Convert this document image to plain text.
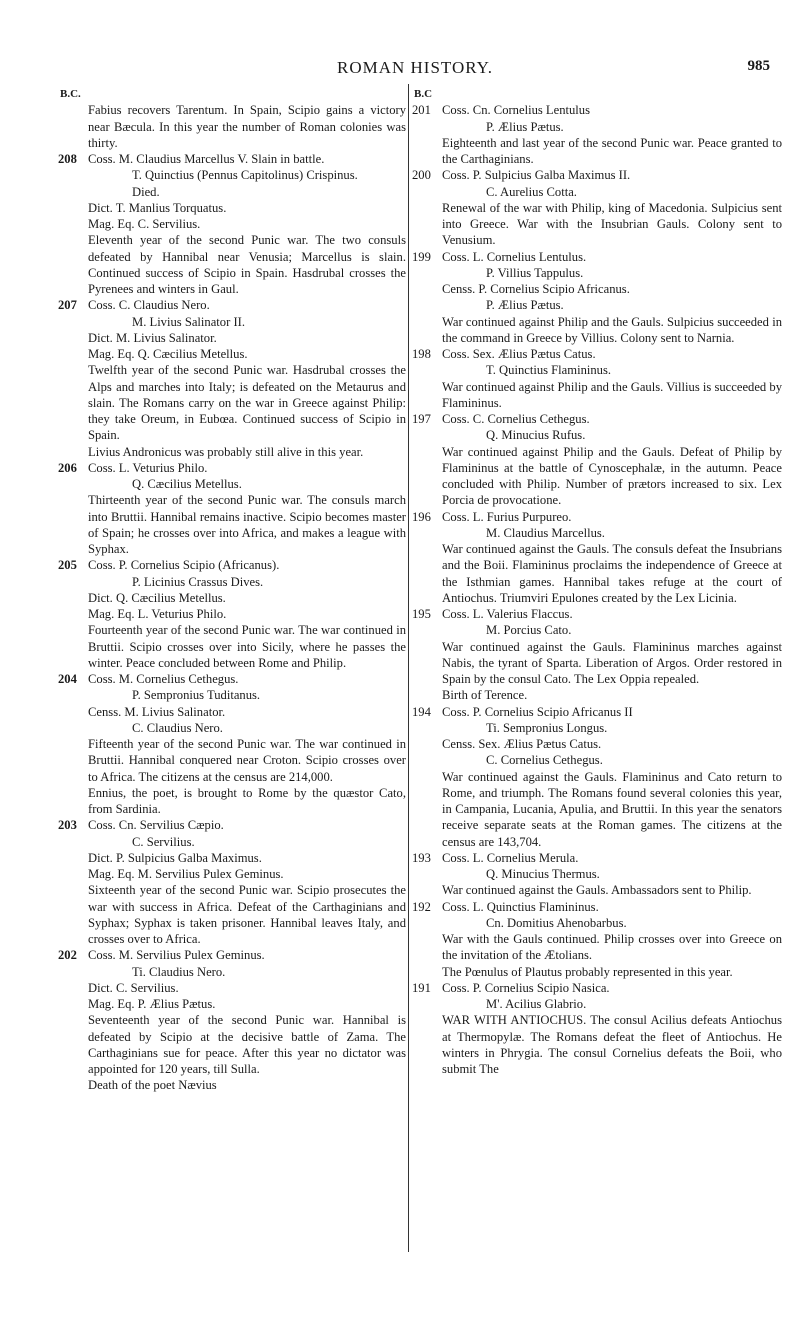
ROMAN HISTORY.	985
B.C.
Fabius recovers Tarentum. In Spain, Scipio gains a victory near Bæcula. In this year the number of Roman colonies was thirty.
208 Coss. M. Claudius Marcellus V. Slain in battle.
T. Quinctius (Pennus Capitolinus) Crispinus.
Died.
Dict. T. Manlius Torquatus.
Mag. Eq. C. Servilius.
Eleventh year of the second Punic war. The two consuls defeated by Hannibal near Venusia; Marcellus is slain. Continued success of Scipio in Spain. Hasdrubal crosses the Pyrenees and winters in Gaul.
207 Coss. C. Claudius Nero.
M. Livius Salinator II.
Dict. M. Livius Salinator.
Mag. Eq. Q. Cæcilius Metellus.
Twelfth year of the second Punic war. Hasdrubal crosses the Alps and marches into Italy; is defeated on the Metaurus and slain. The Romans carry on the war in Greece against Philip: they take Oreum, in Eubœa. Continued success of Scipio in Spain.
Livius Andronicus was probably still alive in this year.
206 Coss. L. Veturius Philo.
Q. Cæcilius Metellus.
Thirteenth year of the second Punic war. The consuls march into Bruttii. Hannibal remains inactive. Scipio becomes master of Spain; he crosses over into Africa, and makes a league with Syphax.
205 Coss. P. Cornelius Scipio (Africanus).
P. Licinius Crassus Dives.
Dict. Q. Cæcilius Metellus.
Mag. Eq. L. Veturius Philo.
Fourteenth year of the second Punic war. The war continued in Bruttii. Scipio crosses over into Sicily, where he passes the winter. Peace concluded between Rome and Philip.
204 Coss. M. Cornelius Cethegus.
P. Sempronius Tuditanus.
Censs. M. Livius Salinator.
C. Claudius Nero.
Fifteenth year of the second Punic war. The war continued in Bruttii. Hannibal conquered near Croton. Scipio crosses over to Africa. The citizens at the census are 214,000.
Ennius, the poet, is brought to Rome by the quæstor Cato, from Sardinia.
203 Coss. Cn. Servilius Cæpio.
C. Servilius.
Dict. P. Sulpicius Galba Maximus.
Mag. Eq. M. Servilius Pulex Geminus.
Sixteenth year of the second Punic war. Scipio prosecutes the war with success in Africa. Defeat of the Carthaginians and Syphax; Syphax is taken prisoner. Hannibal leaves Italy, and crosses over to Africa.
202 Coss. M. Servilius Pulex Geminus.
Ti. Claudius Nero.
Dict. C. Servilius.
Mag. Eq. P. Ælius Pætus.
Seventeenth year of the second Punic war. Hannibal is defeated by Scipio at the decisive battle of Zama. The Carthaginians sue for peace. After this year no dictator was appointed for 120 years, till Sulla.
Death of the poet Nævius
B.C
201 Coss. Cn. Cornelius Lentulus
P. Ælius Pætus.
Eighteenth and last year of the second Punic war. Peace granted to the Carthaginians.
200 Coss. P. Sulpicius Galba Maximus II.
C. Aurelius Cotta.
Renewal of the war with Philip, king of Macedonia. Sulpicius sent into Greece. War with the Insubrian Gauls. Colony sent to Venusium.
199 Coss. L. Cornelius Lentulus.
P. Villius Tappulus.
Censs. P. Cornelius Scipio Africanus.
P. Ælius Pætus.
War continued against Philip and the Gauls. Sulpicius succeeded in the command in Greece by Villius. Colony sent to Narnia.
198 Coss. Sex. Ælius Pætus Catus.
T. Quinctius Flamininus.
War continued against Philip and the Gauls. Villius is succeeded by Flamininus.
197 Coss. C. Cornelius Cethegus.
Q. Minucius Rufus.
War continued against Philip and the Gauls. Defeat of Philip by Flamininus at the battle of Cynoscephalæ, in the autumn. Peace concluded with Philip. Number of prætors increased to six. Lex Porcia de provocatione.
196 Coss. L. Furius Purpureo.
M. Claudius Marcellus.
War continued against the Gauls. The consuls defeat the Insubrians and the Boii. Flamininus proclaims the independence of Greece at the Isthmian games. Hannibal takes refuge at the court of Antiochus. Triumviri Epulones created by the Lex Licinia.
195 Coss. L. Valerius Flaccus.
M. Porcius Cato.
War continued against the Gauls. Flamininus marches against Nabis, the tyrant of Sparta. Liberation of Argos. Order restored in Spain by the consul Cato. The Lex Oppia repealed.
Birth of Terence.
194 Coss. P. Cornelius Scipio Africanus II
Ti. Sempronius Longus.
Censs. Sex. Ælius Pætus Catus.
C. Cornelius Cethegus.
War continued against the Gauls. Flamininus and Cato return to Rome, and triumph. The Romans found several colonies this year, in Campania, Lucania, Apulia, and Bruttii. In this year the senators receive separate seats at the Roman games. The citizens at the census are 143,704.
193 Coss. L. Cornelius Merula.
Q. Minucius Thermus.
War continued against the Gauls. Ambassadors sent to Philip.
192 Coss. L. Quinctius Flamininus.
Cn. Domitius Ahenobarbus.
War with the Gauls continued. Philip crosses over into Greece on the invitation of the Ætolians.
The Pœnulus of Plautus probably represented in this year.
191 Coss. P. Cornelius Scipio Nasica.
M'. Acilius Glabrio.
WAR WITH ANTIOCHUS. The consul Acilius defeats Antiochus at Thermopylæ. The Romans defeat the fleet of Antiochus. He winters in Phrygia. The consul Cornelius defeats the Boii, who submit The
